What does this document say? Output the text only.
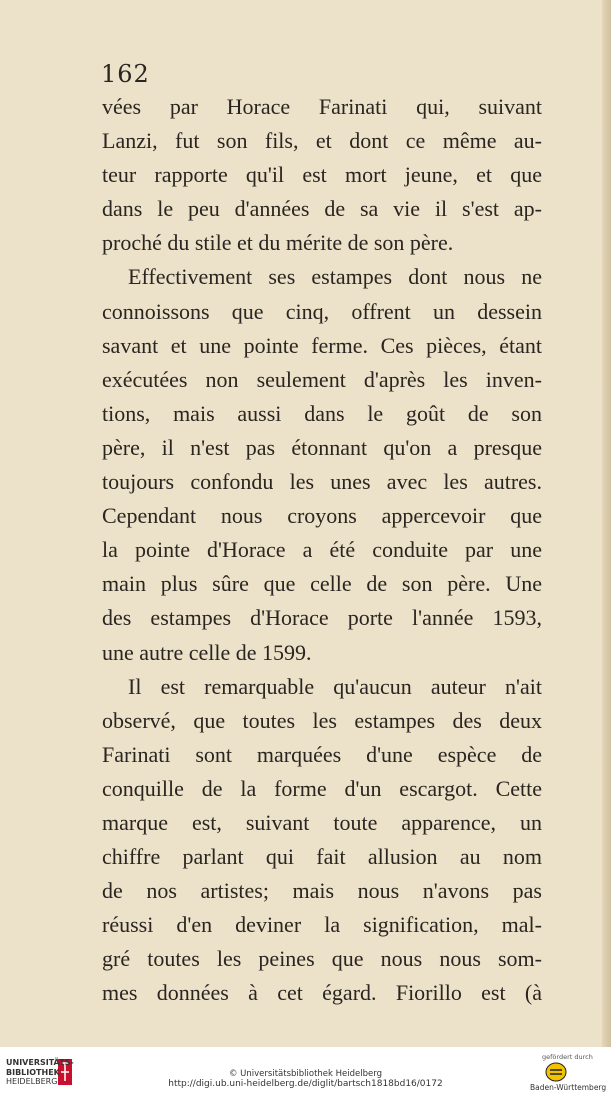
162
vées par Horace Farinati qui, suivant
Lanzi, fut son fils, et dont ce même au-
teur rapporte qu'il est mort jeune, et que
dans le peu d'années de sa vie il s'est ap-
proché du stile et du mérite de son père.
Effectivement ses estampes dont nous ne
connoissons que cinq, offrent un dessein
savant et une pointe ferme. Ces pièces, étant
exécutées non seulement d'après les inven-
tions, mais aussi dans le goût de son
père, il n'est pas étonnant qu'on a presque
toujours confondu les unes avec les autres.
Cependant nous croyons appercevoir que
la pointe d'Horace a été conduite par une
main plus sûre que celle de son père. Une
des estampes d'Horace porte l'année 1593,
une autre celle de 1599.
Il est remarquable qu'aucun auteur n'ait
observé, que toutes les estampes des deux
Farinati sont marquées d'une espèce de
conquille de la forme d'un escargot. Cette
marque est, suivant toute apparence, un
chiffre parlant qui fait allusion au nom
de nos artistes; mais nous n'avons pas
réussi d'en deviner la signification, mal-
gré toutes les peines que nous nous som-
mes données à cet égard. Fiorillo est (à
UNIVERSITÄTS-
BIBLIOTHEK
HEIDELBERG
© Universitätsbibliothek Heidelberg
http://digi.ub.uni-heidelberg.de/diglit/bartsch1818bd16/0172
gefördert durch
Baden-Württemberg
